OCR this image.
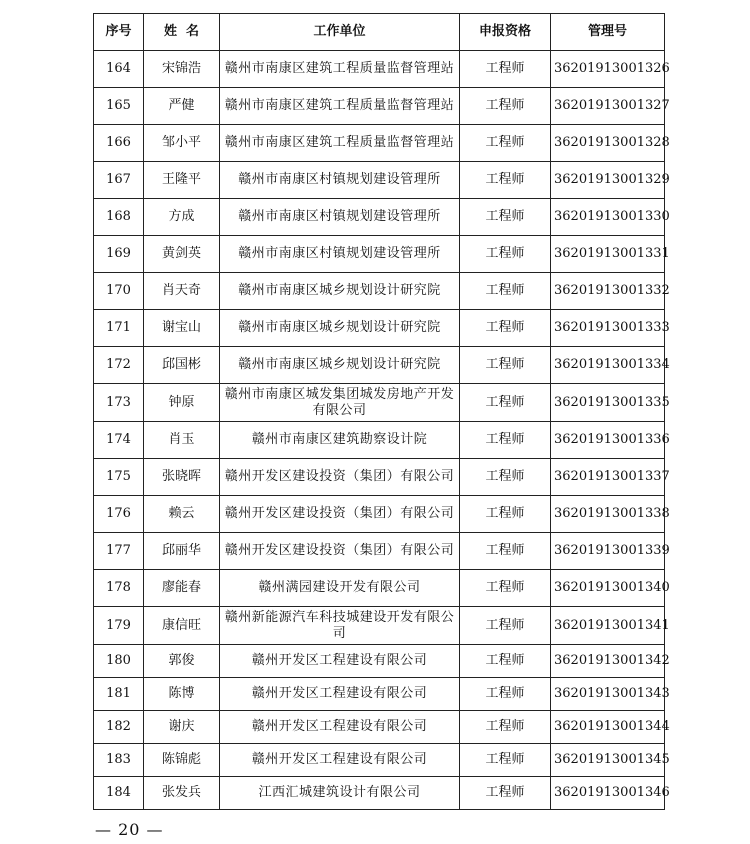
序号	姓  名	工作单位	申报资格	管理号
164	宋锦浩	赣州市南康区建筑工程质量监督管理站	工程师	36201913001326
165	严健	赣州市南康区建筑工程质量监督管理站	工程师	36201913001327
166	邹小平	赣州市南康区建筑工程质量监督管理站	工程师	36201913001328
167	王隆平	赣州市南康区村镇规划建设管理所	工程师	36201913001329
168	方成	赣州市南康区村镇规划建设管理所	工程师	36201913001330
169	黄剑英	赣州市南康区村镇规划建设管理所	工程师	36201913001331
170	肖天奇	赣州市南康区城乡规划设计研究院	工程师	36201913001332
171	谢宝山	赣州市南康区城乡规划设计研究院	工程师	36201913001333
172	邱国彬	赣州市南康区城乡规划设计研究院	工程师	36201913001334
173	钟原	赣州市南康区城发集团城发房地产开发有限公司	工程师	36201913001335
174	肖玉	赣州市南康区建筑勘察设计院	工程师	36201913001336
175	张晓晖	赣州开发区建设投资（集团）有限公司	工程师	36201913001337
176	赖云	赣州开发区建设投资（集团）有限公司	工程师	36201913001338
177	邱丽华	赣州开发区建设投资（集团）有限公司	工程师	36201913001339
178	廖能春	赣州满园建设开发有限公司	工程师	36201913001340
179	康信旺	赣州新能源汽车科技城建设开发有限公司	工程师	36201913001341
180	郭俊	赣州开发区工程建设有限公司	工程师	36201913001342
181	陈博	赣州开发区工程建设有限公司	工程师	36201913001343
182	谢庆	赣州开发区工程建设有限公司	工程师	36201913001344
183	陈锦彪	赣州开发区工程建设有限公司	工程师	36201913001345
184	张发兵	江西汇城建筑设计有限公司	工程师	36201913001346
— 20 —
